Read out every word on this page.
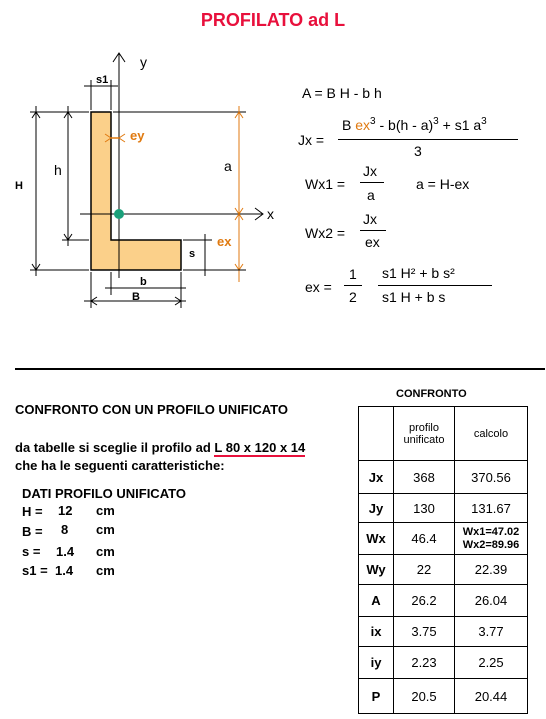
PROFILATO ad L
y
x
s1
H
h
ey
a
ex
s
b
B
A = B H - b h
Jx =
B $ex^3 - b(h - a)^3 + s1$ $a^3$
3
Wx1 =
Jx
a
a = H-ex
Wx2 =
Jx
ex
ex =
1
2
s1 H² + b s²
s1 H + b s
CONFRONTO CON UN PROFILO UNIFICATO
da tabelle si sceglie il profilo ad L 80 x 120 x 14
che ha le seguenti caratteristiche:
DATI PROFILO UNIFICATO
H = 12 cm
B = 8 cm
s = 1.4 cm
s1 = 1.4 cm
CONFRONTO
	profilo unificato	calcolo
Jx	368	370.56
Jy	130	131.67
Wx	46.4	Wx1=47.02
Wx2=89.96

Wy	22	22.39
A	26.2	26.04
ix	3.75	3.77
iy	2.23	2.25
P	20.5	20.44
